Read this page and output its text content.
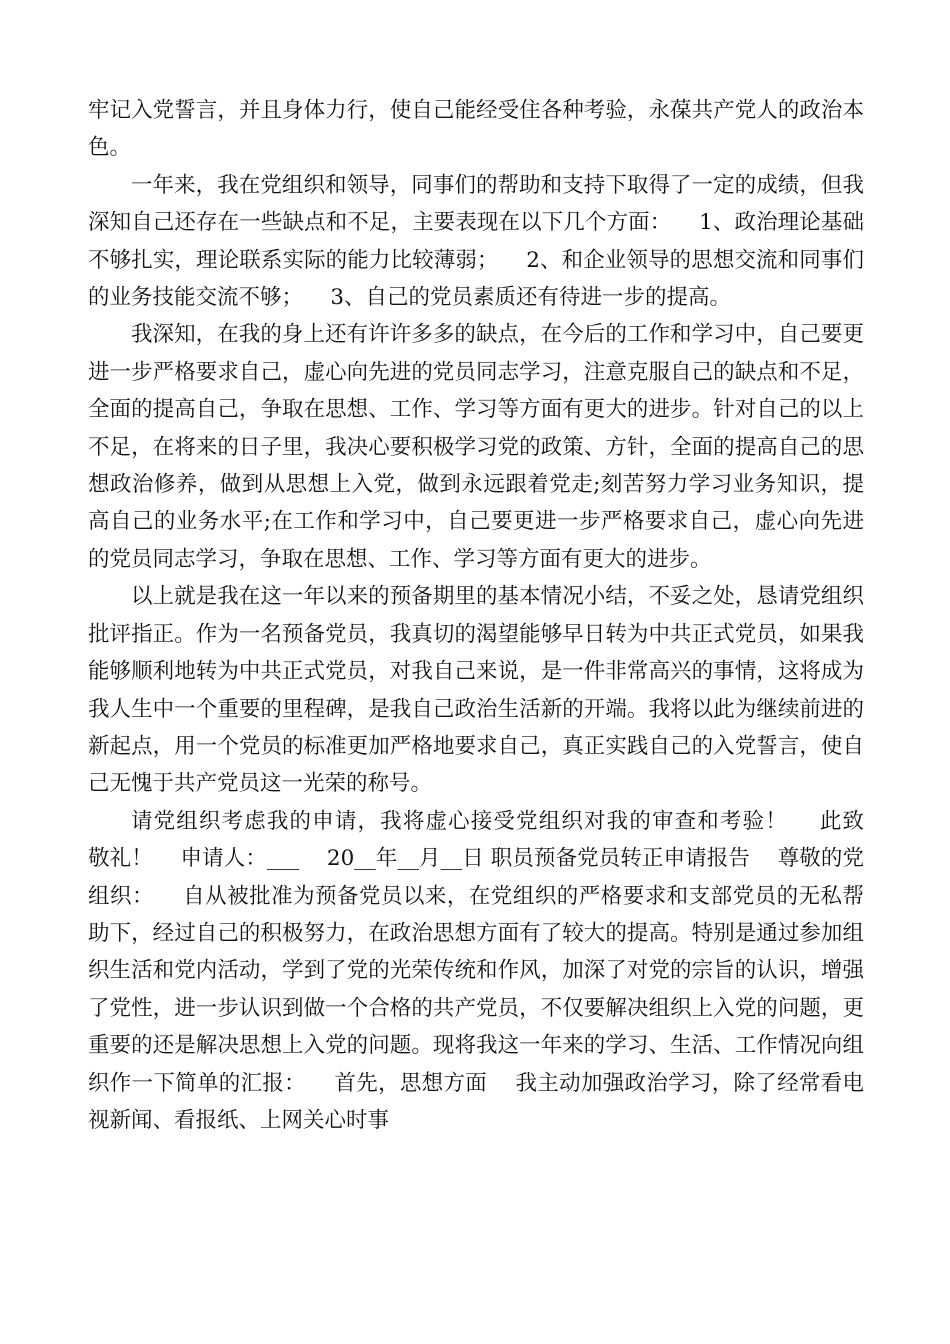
牢记入党誓言，并且身体力行，使自己能经受住各种考验，永葆共产党人的政治本色。

一年来，我在党组织和领导，同事们的帮助和支持下取得了一定的成绩，但我深知自己还存在一些缺点和不足，主要表现在以下几个方面：    1、政治理论基础不够扎实，理论联系实际的能力比较薄弱；    2、和企业领导的思想交流和同事们的业务技能交流不够；    3、自己的党员素质还有待进一步的提高。

我深知，在我的身上还有许许多多的缺点，在今后的工作和学习中，自己要更进一步严格要求自己，虚心向先进的党员同志学习，注意克服自己的缺点和不足，全面的提高自己，争取在思想、工作、学习等方面有更大的进步。针对自己的以上不足，在将来的日子里，我决心要积极学习党的政策、方针，全面的提高自己的思想政治修养，做到从思想上入党，做到永远跟着党走;刻苦努力学习业务知识，提高自己的业务水平;在工作和学习中，自己要更进一步严格要求自己，虚心向先进的党员同志学习，争取在思想、工作、学习等方面有更大的进步。

以上就是我在这一年以来的预备期里的基本情况小结，不妥之处，恳请党组织批评指正。作为一名预备党员，我真切的渴望能够早日转为中共正式党员，如果我能够顺利地转为中共正式党员，对我自己来说，是一件非常高兴的事情，这将成为我人生中一个重要的里程碑，是我自己政治生活新的开端。我将以此为继续前进的新起点，用一个党员的标准更加严格地要求自己，真正实践自己的入党誓言，使自己无愧于共产党员这一光荣的称号。

请党组织考虑我的申请，我将虚心接受党组织对我的审查和考验！    此致    敬礼！    申请人：___    20__年__月__日 职员预备党员转正申请报告    尊敬的党组织：    自从被批准为预备党员以来，在党组织的严格要求和支部党员的无私帮助下，经过自己的积极努力，在政治思想方面有了较大的提高。特别是通过参加组织生活和党内活动，学到了党的光荣传统和作风，加深了对党的宗旨的认识，增强了党性，进一步认识到做一个合格的共产党员，不仅要解决组织上入党的问题，更重要的还是解决思想上入党的问题。现将我这一年来的学习、生活、工作情况向组织作一下简单的汇报：    首先，思想方面    我主动加强政治学习，除了经常看电视新闻、看报纸、上网关心时事
